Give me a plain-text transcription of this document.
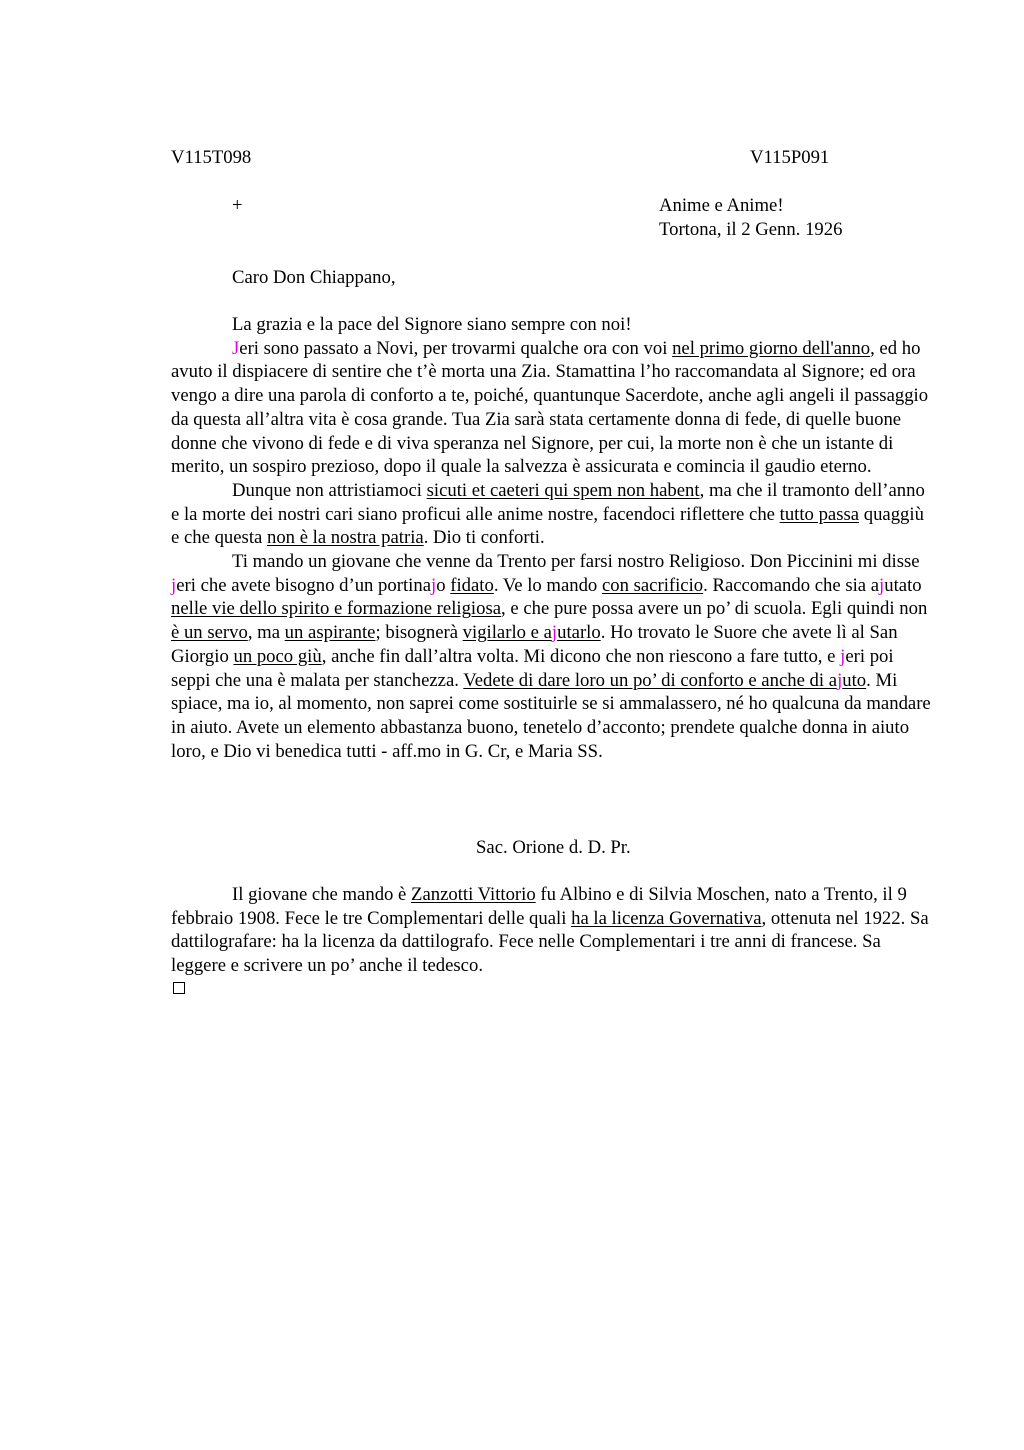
V115T098	V115P091
+	Anime e Anime!
Tortona, il 2 Genn. 1926
Caro Don Chiappano,

La grazia e la pace del Signore siano sempre con noi!

Jeri sono passato a Novi, per trovarmi qualche ora con voi nel primo giorno dell'anno, ed ho avuto il dispiacere di sentire che t’è morta una Zia. Stamattina l’ho raccomandata al Signore; ed ora vengo a dire una parola di conforto a te, poiché, quantunque Sacerdote, anche agli angeli il passaggio da questa all’altra vita è cosa grande. Tua Zia sarà stata certamente donna di fede, di quelle buone donne che vivono di fede e di viva speranza nel Signore, per cui, la morte non è che un istante di merito, un sospiro prezioso, dopo il quale la salvezza è assicurata e comincia il gaudio eterno.

Dunque non attristiamoci sicuti et caeteri qui spem non habent, ma che il tramonto dell’anno e la morte dei nostri cari siano proficui alle anime nostre, facendoci riflettere che tutto passa quaggiù e che questa non è la nostra patria. Dio ti conforti.

Ti mando un giovane che venne da Trento per farsi nostro Religioso. Don Piccinini mi disse jeri che avete bisogno d’un portinajo fidato. Ve lo mando con sacrificio. Raccomando che sia ajutato nelle vie dello spirito e formazione religiosa, e che pure possa avere un po’ di scuola. Egli quindi non è un servo, ma un aspirante; bisognerà vigilarlo e ajutarlo. Ho trovato le Suore che avete lì al San Giorgio un poco giù, anche fin dall’altra volta. Mi dicono che non riescono a fare tutto, e jeri poi seppi che una è malata per stanchezza. Vedete di dare loro un po’ di conforto e anche di ajuto. Mi spiace, ma io, al momento, non saprei come sostituirle se si ammalassero, né ho qualcuna da mandare in aiuto. Avete un elemento abbastanza buono, tenetelo d’acconto; prendete qualche donna in aiuto loro, e Dio vi benedica tutti - aff.mo in G. Cr, e Maria SS.

Sac. Orione d. D. Pr.

Il giovane che mando è Zanzotti Vittorio fu Albino e di Silvia Moschen, nato a Trento, il 9 febbraio 1908. Fece le tre Complementari delle quali ha la licenza Governativa, ottenuta nel 1922. Sa dattilografare: ha la licenza da dattilografo. Fece nelle Complementari i tre anni di francese. Sa leggere e scrivere un po’ anche il tedesco.
